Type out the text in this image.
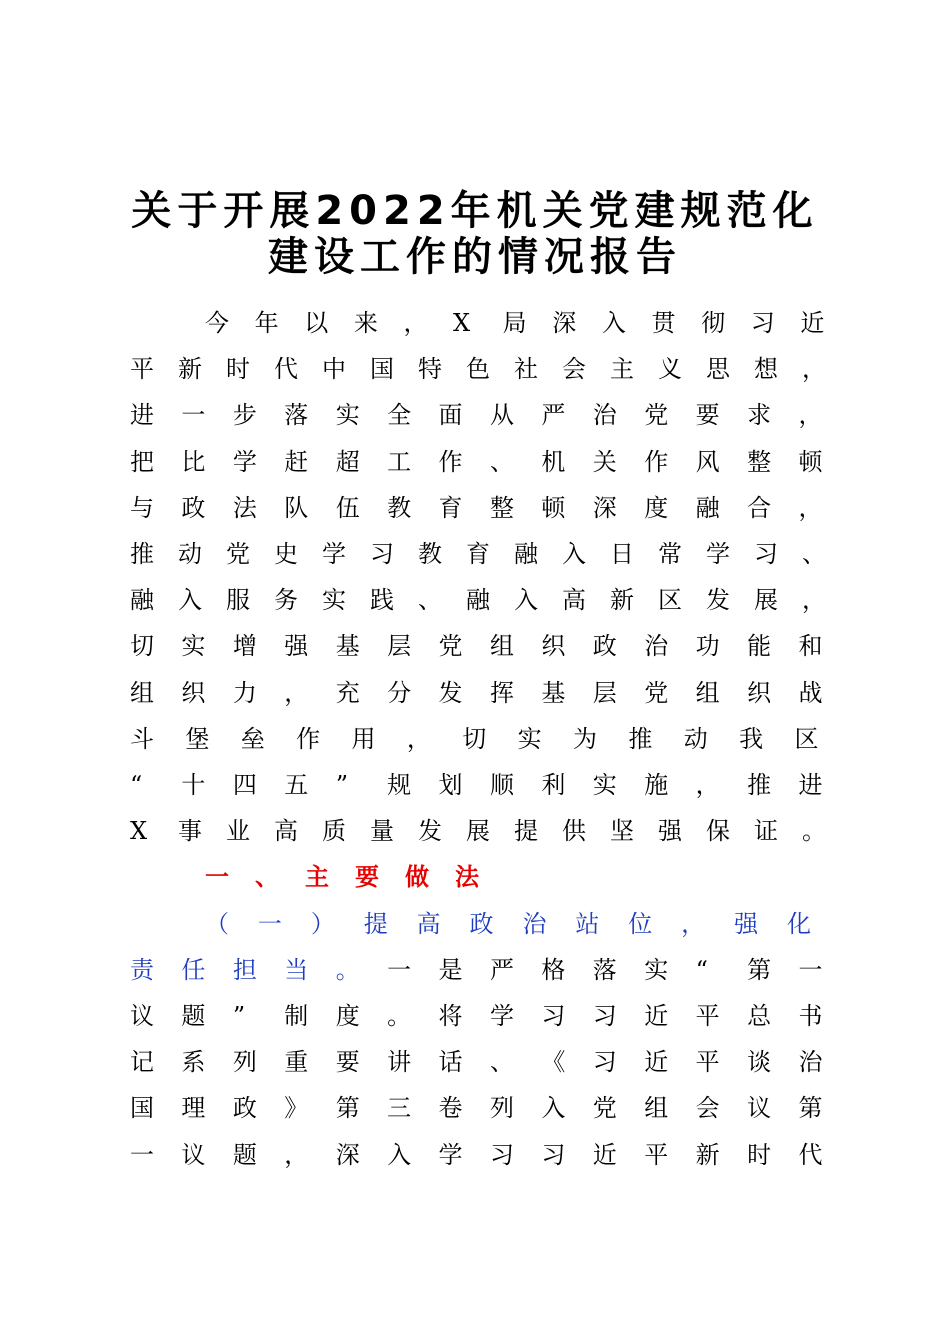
关于开展2022年机关党建规范化
建设工作的情况报告
今 年 以 来 ， X 局 深 入 贯 彻 习 近
平 新 时 代 中 国 特 色 社 会 主 义 思 想 ，
进 一 步 落 实 全 面 从 严 治 党 要 求 ，
把 比 学 赶 超 工 作 、 机 关 作 风 整 顿
与 政 法 队 伍 教 育 整 顿 深 度 融 合 ，
推 动 党 史 学 习 教 育 融 入 日 常 学 习 、
融 入 服 务 实 践 、 融 入 高 新 区 发 展 ，
切 实 增 强 基 层 党 组 织 政 治 功 能 和
组 织 力 ， 充 分 发 挥 基 层 党 组 织 战
斗 堡 垒 作 用 ， 切 实 为 推 动 我 区
“ 十 四 五 ” 规 划 顺 利 实 施 ， 推 进
X 事 业 高 质 量 发 展 提 供 坚 强 保 证 。
一 、 主 要 做 法
（ 一 ） 提 高 政 治 站 位 ， 强 化
责 任 担 当 。 一 是 严 格 落 实 “ 第 一
议 题 ” 制 度 。 将 学 习 习 近 平 总 书
记 系 列 重 要 讲 话 、 《 习 近 平 谈 治
国 理 政 》 第 三 卷 列 入 党 组 会 议 第
一 议 题 ， 深 入 学 习 习 近 平 新 时 代
